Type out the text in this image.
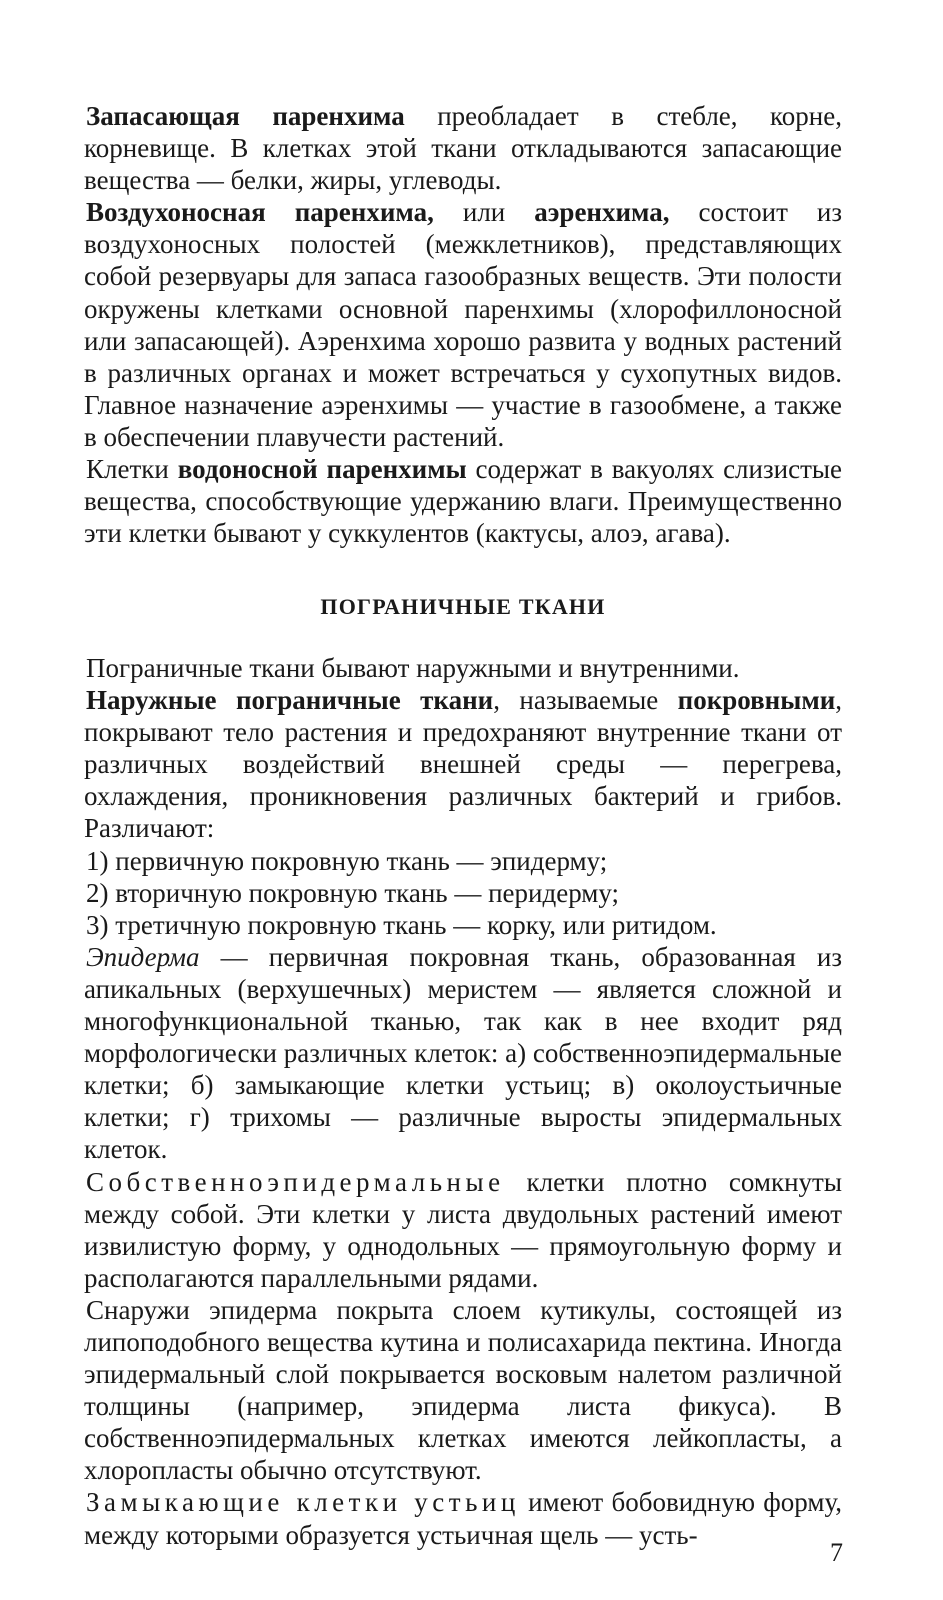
Запасающая паренхима преобладает в стебле, корне, корневище. В клетках этой ткани откладываются запасающие вещества — белки, жиры, углеводы.

Воздухоносная паренхима, или аэренхима, состоит из воздухоносных полостей (межклетников), представляющих собой резервуары для запаса газообразных веществ. Эти полости окружены клетками основной паренхимы (хлорофиллоносной или запасающей). Аэренхима хорошо развита у водных растений в различных органах и может встречаться у сухопутных видов. Главное назначение аэренхимы — участие в газообмене, а также в обеспечении плавучести растений.

Клетки водоносной паренхимы содержат в вакуолях слизистые вещества, способствующие удержанию влаги. Преимущественно эти клетки бывают у суккулентов (кактусы, алоэ, агава).

ПОГРАНИЧНЫЕ ТКАНИ

Пограничные ткани бывают наружными и внутренними.

Наружные пограничные ткани, называемые покровными, покрывают тело растения и предохраняют внутренние ткани от различных воздействий внешней среды — перегрева, охлаждения, проникновения различных бактерий и грибов. Различают:

1) первичную покровную ткань — эпидерму;

2) вторичную покровную ткань — перидерму;

3) третичную покровную ткань — корку, или ритидом.

Эпидерма — первичная покровная ткань, образованная из апикальных (верхушечных) меристем — является сложной и многофункциональной тканью, так как в нее входит ряд морфологически различных клеток: а) собственноэпидермальные клетки; б) замыкающие клетки устьиц; в) околоустьичные клетки; г) трихомы — различные выросты эпидермальных клеток.

Собственноэпидермальные клетки плотно сомкнуты между собой. Эти клетки у листа двудольных растений имеют извилистую форму, у однодольных — прямоугольную форму и располагаются параллельными рядами.

Снаружи эпидерма покрыта слоем кутикулы, состоящей из липоподобного вещества кутина и полисахарида пектина. Иногда эпидермальный слой покрывается восковым налетом различной толщины (например, эпидерма листа фикуса). В собственноэпидермальных клетках имеются лейкопласты, а хлоропласты обычно отсутствуют.

Замыкающие клетки устьиц имеют бобовидную форму, между которыми образуется устьичная щель — усть-

7
